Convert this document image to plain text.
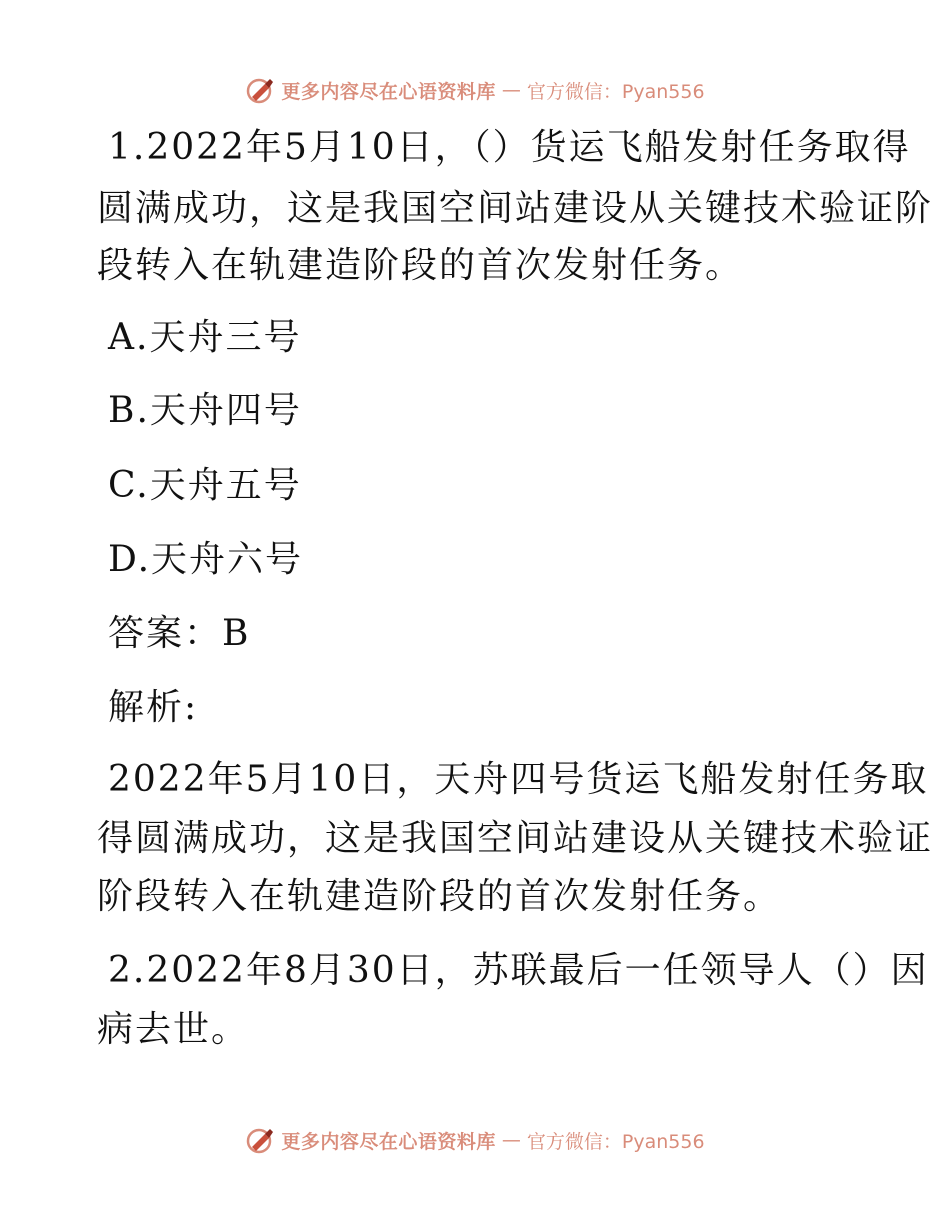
更多内容尽在心语资料库 — 官方微信：Pyan556
1.2022年5月10日，（）货运飞船发射任务取得
圆满成功，这是我国空间站建设从关键技术验证阶
段转入在轨建造阶段的首次发射任务。
A.天舟三号
B.天舟四号
C.天舟五号
D.天舟六号
答案：B
解析:
2022年5月10日，天舟四号货运飞船发射任务取
得圆满成功，这是我国空间站建设从关键技术验证
阶段转入在轨建造阶段的首次发射任务。
2.2022年8月30日，苏联最后一任领导人（）因
病去世。
更多内容尽在心语资料库 — 官方微信：Pyan556
